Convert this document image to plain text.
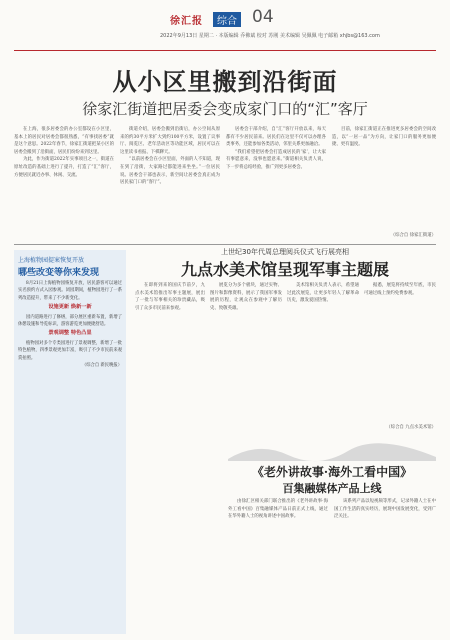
徐汇报	综合 04
2022年9月13日 星期二 · 本版编辑 乔佛斌 校对 苏刚 美术编辑 吴佩佩 电子邮箱 xhjbs@163.com
从小区里搬到沿街面
徐家汇街道把居委会变成家门口的“汇”客厅

在上海，很多居委会的办公室都设在小区里，基本上的居民对居委会都很熟悉，“有事找居委”就是这个意思。2022年春节，徐家汇街道把某小区的居委会搬到了沿街面，居民们纷纷来到这里。

为此，作为街道2022年实事项目之一，街道在原址改造的基础上进行了提升，打造了“汇”客厅，方便居民就近办事、休闲、交流。

街道介绍，居委会搬到沿街后，办公空间从原来的约30平方米扩大到约100平方米，设置了议事厅、阅览区、老年活动区等功能区域，居民可以在这里读书看报、下棋聊天。

“以前居委会在小区里面，外面的人不知道，现在到了沿街，大家路过都能进来坐坐。”一位居民说。居委会干部也表示，新空间让居委会真正成为居民家门口的“客厅”。

居委会干部介绍，自“汇”客厅开放以来，每天都有不少居民前来。居民们在这里不仅可以办理各类事务，还能参加各类活动，邻里关系更加融洽。

“我们希望把居委会打造成居民的‘家’，让大家有事愿意来，没事也愿意来。”街道相关负责人说，下一步将总结经验，推广到更多居委会。

目前，徐家汇街道正在推进更多居委会的空间改造，以“一居一品”为方向，让家门口的服务更加便捷、更有温度。

（综合自 徐家汇街道）
上海植物园提案恢复开放
哪些改变等你来发现

8月21日上海植物园恢复开放，居民游客可以通过实名预约方式入园参观。闭园期间，植物园进行了一系列改造提升，带来了不少新变化。

设施更新 焕新一新

园内道路进行了修缮，部分展区重新布置，新增了休憩设施和导览标识，游客游览更加便捷舒适。

景观调整 特色凸显

植物园对多个专类园进行了景观调整，新增了一批特色植物，四季景观更加丰富，吸引了不少市民前来观赏拍照。

（综合自 新民晚报）
上世纪30年代周总理阅兵仪式飞行展亮相
九点水美术馆呈现军事主题展

在即将到来的国庆节前夕，九点水美术馆推出军事主题展，展出了一批与军事相关的珍贵藏品，吸引了众多市民前来参观。

展览分为多个板块，通过实物、图片和影像资料，展示了我国军事发展的历程，让观众在参观中了解历史、致敬英雄。

美术馆相关负责人表示，希望通过此次展览，让更多年轻人了解革命历史，激发爱国热情。

据悉，展览将持续至年底，市民可通过线上预约免费参观。

（综合自 九点水美术馆）
《老外讲故事·海外工看中国》
百集融媒体产品上线

由徐汇区相关部门联合推出的《老外讲故事·海外工看中国》百集融媒体产品日前正式上线，通过在华外籍人士的视角讲述中国故事。

该系列产品以短视频等形式，记录外籍人士在中国工作生活的真实经历，展现中国发展变化，受到广泛关注。
